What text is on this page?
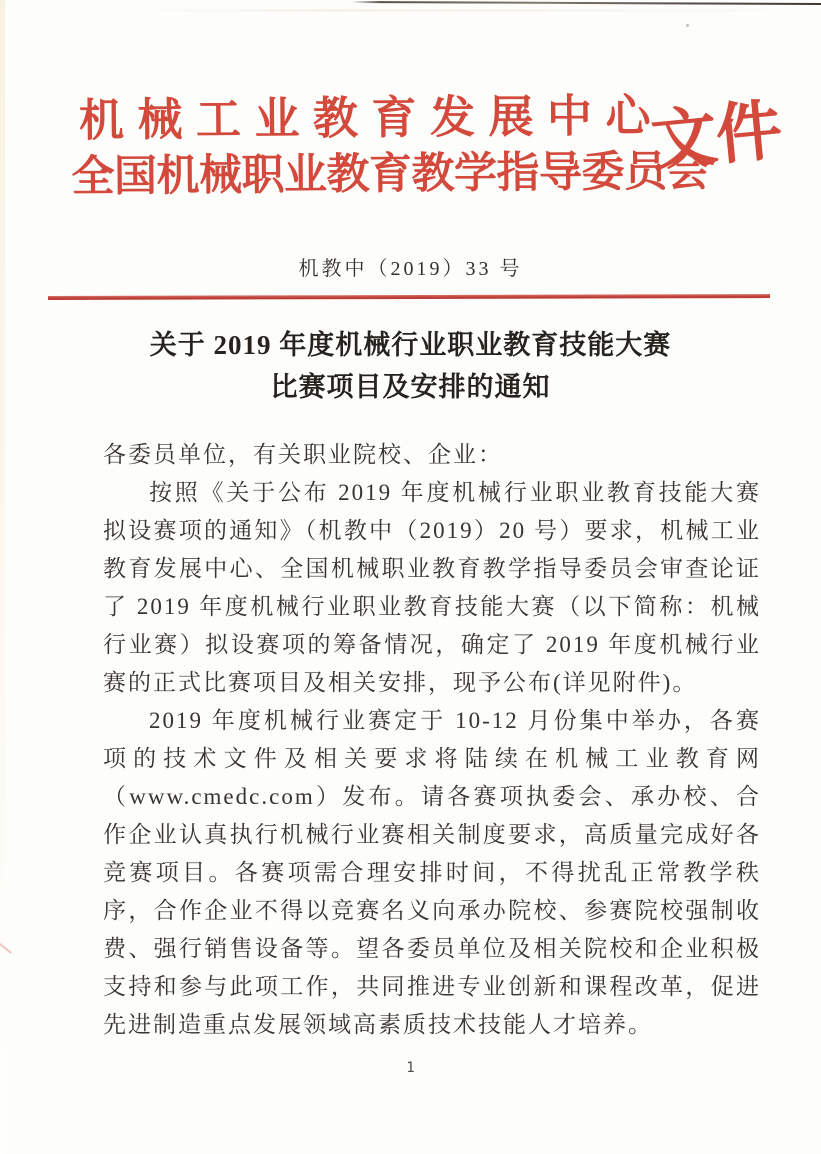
机械工业教育发展中心
全国机械职业教育教学指导委员会
文件
机教中（2019）33 号
关于 2019 年度机械行业职业教育技能大赛
比赛项目及安排的通知

各委员单位，有关职业院校、企业：

按照《关于公布 2019 年度机械行业职业教育技能大赛拟设赛项的通知》（机教中（2019）20 号）要求，机械工业教育发展中心、全国机械职业教育教学指导委员会审查论证了 2019 年度机械行业职业教育技能大赛（以下简称：机械行业赛）拟设赛项的筹备情况，确定了 2019 年度机械行业赛的正式比赛项目及相关安排，现予公布(详见附件)。

2019 年度机械行业赛定于 10-12 月份集中举办，各赛项的技术文件及相关要求将陆续在机械工业教育网（www.cmedc.com）发布。请各赛项执委会、承办校、合作企业认真执行机械行业赛相关制度要求，高质量完成好各竞赛项目。各赛项需合理安排时间，不得扰乱正常教学秩序，合作企业不得以竞赛名义向承办院校、参赛院校强制收费、强行销售设备等。望各委员单位及相关院校和企业积极支持和参与此项工作，共同推进专业创新和课程改革，促进先进制造重点发展领域高素质技术技能人才培养。

1
